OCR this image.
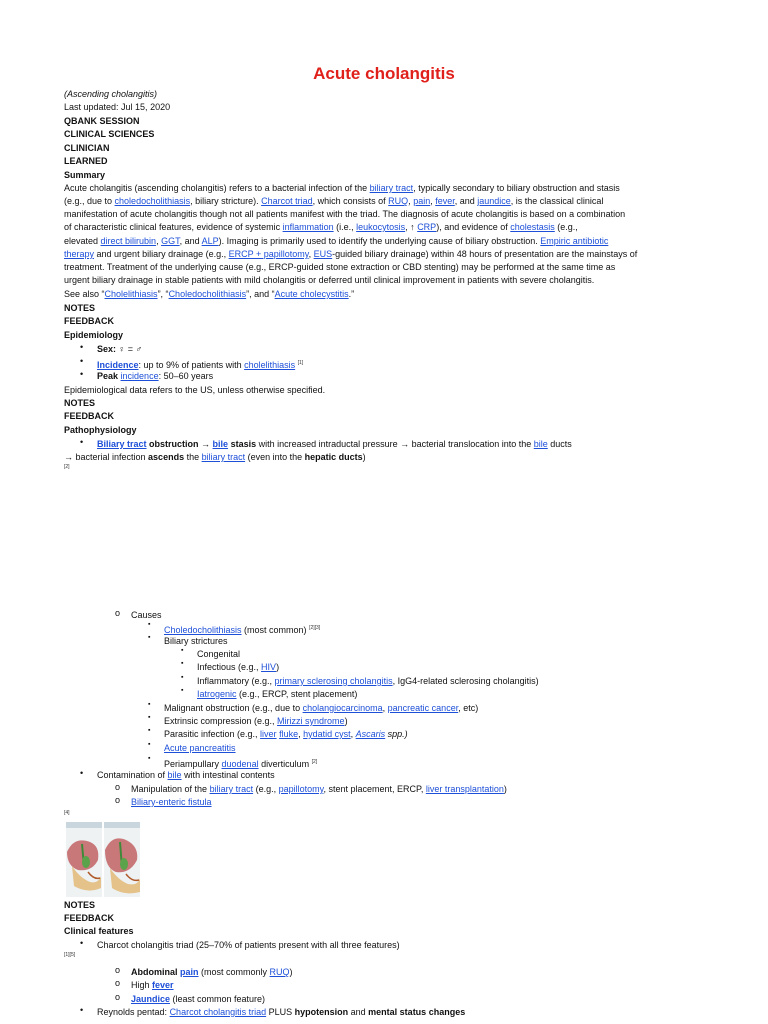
Acute cholangitis
(Ascending cholangitis)
Last updated: Jul 15, 2020
QBANK SESSION
CLINICAL SCIENCES
CLINICIAN
LEARNED
Summary
Acute cholangitis (ascending cholangitis) refers to a bacterial infection of the biliary tract, typically secondary to biliary obstruction and stasis
(e.g., due to choledocholithiasis, biliary stricture). Charcot triad, which consists of RUQ, pain, fever, and jaundice, is the classical clinical
manifestation of acute cholangitis though not all patients manifest with the triad. The diagnosis of acute cholangitis is based on a combination
of characteristic clinical features, evidence of systemic inflammation (i.e., leukocytosis, ↑ CRP), and evidence of cholestasis (e.g.,
elevated direct bilirubin, GGT, and ALP). Imaging is primarily used to identify the underlying cause of biliary obstruction. Empiric antibiotic
therapy and urgent biliary drainage (e.g., ERCP + papillotomy, EUS-guided biliary drainage) within 48 hours of presentation are the mainstays of
treatment. Treatment of the underlying cause (e.g., ERCP-guided stone extraction or CBD stenting) may be performed at the same time as
urgent biliary drainage in stable patients with mild cholangitis or deferred until clinical improvement in patients with severe cholangitis.
See also “Cholelithiasis”, “Choledocholithiasis”, and “Acute cholecystitis.”
NOTES
FEEDBACK
Epidemiology
• Sex: ♀ = ♂
• Incidence: up to 9% of patients with cholelithiasis [1]
• Peak incidence: 50–60 years
Epidemiological data refers to the US, unless otherwise specified.
NOTES
FEEDBACK
Pathophysiology
• Biliary tract obstruction → bile stasis with increased intraductal pressure → bacterial translocation into the bile ducts
→ bacterial infection ascends the biliary tract (even into the hepatic ducts)
[2]
o Causes
▪
Choledocholithiasis (most common) [2][3]
▪ Biliary strictures
▪ Congenital
▪ Infectious (e.g., HIV)
▪ Inflammatory (e.g., primary sclerosing cholangitis, IgG4-related sclerosing cholangitis)
▪ Iatrogenic (e.g., ERCP, stent placement)
▪ Malignant obstruction (e.g., due to cholangiocarcinoma, pancreatic cancer, etc)
▪ Extrinsic compression (e.g., Mirizzi syndrome)
▪ Parasitic infection (e.g., liver fluke, hydatid cyst, Ascaris spp.)
▪ Acute pancreatitis
▪
Periampullary duodenal diverticulum [2]
• Contamination of bile with intestinal contents
o Manipulation of the biliary tract (e.g., papillotomy, stent placement, ERCP, liver transplantation)
o Biliary-enteric fistula
[4]
NOTES
FEEDBACK
Clinical features
• Charcot cholangitis triad (25–70% of patients present with all three features)
[1][5]
o Abdominal pain (most commonly RUQ)
o High fever
o Jaundice (least common feature)
• Reynolds pentad: Charcot cholangitis triad PLUS hypotension and mental status changes
